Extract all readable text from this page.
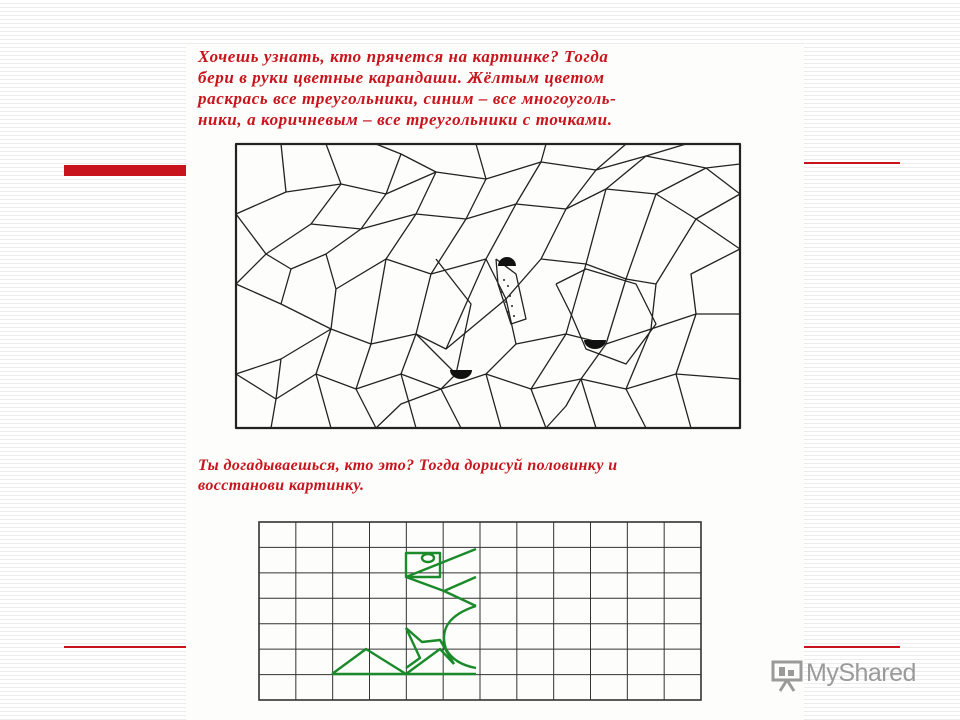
Хочешь узнать, кто прячется на картинке? Тогда
бери в руки цветные карандаши. Жёлтым цветом
раскрась все треугольники, синим – все многоуголь-
ники, а коричневым – все треугольники с точками.
Ты догадываешься, кто это? Тогда дорисуй половинку и
восстанови картинку.
MyShared
